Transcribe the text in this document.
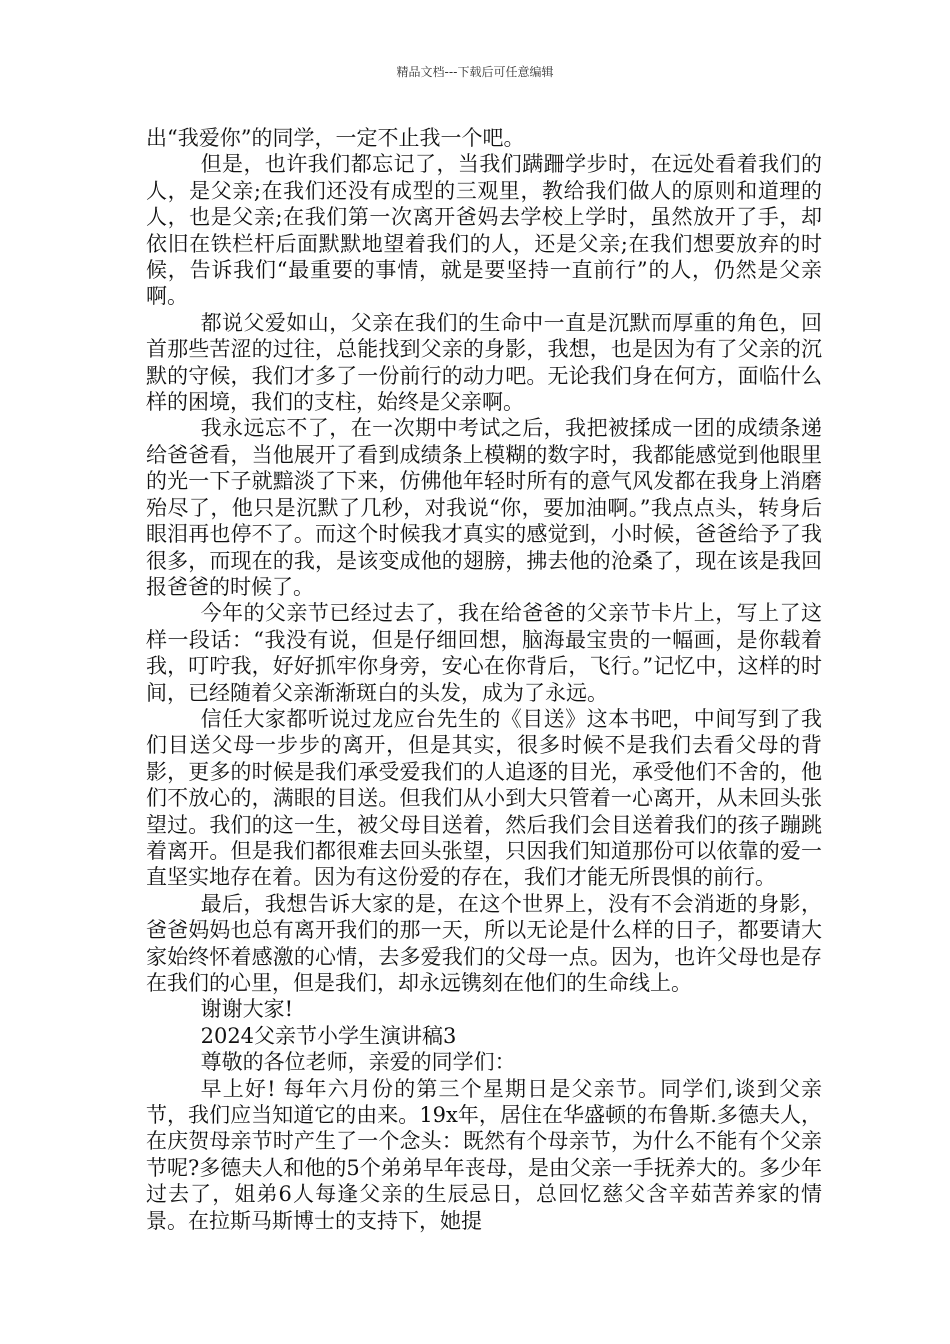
精品文档---下载后可任意编辑

出“我爱你”的同学，一定不止我一个吧。

但是，也许我们都忘记了，当我们蹒跚学步时，在远处看着我们的人，是父亲;在我们还没有成型的三观里，教给我们做人的原则和道理的人，也是父亲;在我们第一次离开爸妈去学校上学时，虽然放开了手，却依旧在铁栏杆后面默默地望着我们的人，还是父亲;在我们想要放弃的时候，告诉我们“最重要的事情，就是要坚持一直前行”的人，仍然是父亲啊。

都说父爱如山，父亲在我们的生命中一直是沉默而厚重的角色，回首那些苦涩的过往，总能找到父亲的身影，我想，也是因为有了父亲的沉默的守候，我们才多了一份前行的动力吧。无论我们身在何方，面临什么样的困境，我们的支柱，始终是父亲啊。

我永远忘不了，在一次期中考试之后，我把被揉成一团的成绩条递给爸爸看，当他展开了看到成绩条上模糊的数字时，我都能感觉到他眼里的光一下子就黯淡了下来，仿佛他年轻时所有的意气风发都在我身上消磨殆尽了，他只是沉默了几秒，对我说“你，要加油啊。”我点点头，转身后眼泪再也停不了。而这个时候我才真实的感觉到，小时候，爸爸给予了我很多，而现在的我，是该变成他的翅膀，拂去他的沧桑了，现在该是我回报爸爸的时候了。

今年的父亲节已经过去了，我在给爸爸的父亲节卡片上，写上了这样一段话：“我没有说，但是仔细回想，脑海最宝贵的一幅画，是你载着我，叮咛我，好好抓牢你身旁，安心在你背后，飞行。”记忆中，这样的时间，已经随着父亲渐渐斑白的头发，成为了永远。

信任大家都听说过龙应台先生的《目送》这本书吧，中间写到了我们目送父母一步步的离开，但是其实，很多时候不是我们去看父母的背影，更多的时候是我们承受爱我们的人追逐的目光，承受他们不舍的，他们不放心的，满眼的目送。但我们从小到大只管着一心离开，从未回头张望过。我们的这一生，被父母目送着，然后我们会目送着我们的孩子蹦跳着离开。但是我们都很难去回头张望，只因我们知道那份可以依靠的爱一直坚实地存在着。因为有这份爱的存在，我们才能无所畏惧的前行。

最后，我想告诉大家的是，在这个世界上，没有不会消逝的身影，爸爸妈妈也总有离开我们的那一天，所以无论是什么样的日子，都要请大家始终怀着感激的心情，去多爱我们的父母一点。因为，也许父母也是存在我们的心里，但是我们，却永远镌刻在他们的生命线上。

谢谢大家!

2024父亲节小学生演讲稿3

尊敬的各位老师，亲爱的同学们：

早上好! 每年六月份的第三个星期日是父亲节。同学们,谈到父亲节，我们应当知道它的由来。19x年，居住在华盛顿的布鲁斯.多德夫人，在庆贺母亲节时产生了一个念头：既然有个母亲节，为什么不能有个父亲节呢?多德夫人和他的5个弟弟早年丧母，是由父亲一手抚养大的。多少年过去了，姐弟6人每逢父亲的生辰忌日，总回忆慈父含辛茹苦养家的情景。在拉斯马斯博士的支持下，她提
